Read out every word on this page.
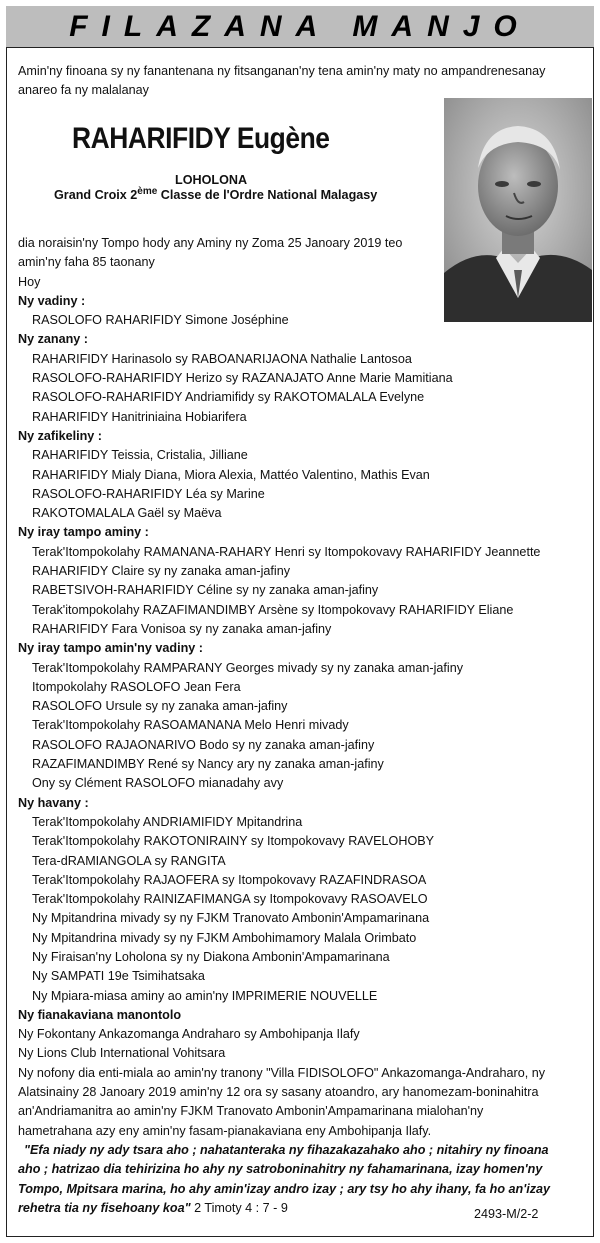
FILAZANA MANJO
Amin'ny finoana sy ny fanantenana ny fitsanganan'ny tena amin'ny maty no ampandrenesanay
anareo fa ny malalanay
RAHARIFIDY Eugène
LOHOLONA
Grand Croix 2ème Classe de l'Ordre National Malagasy
dia noraisin'ny Tompo hody any Aminy ny Zoma 25 Janoary 2019 teo
amin'ny faha 85 taonany
Hoy
Ny vadiny :
RASOLOFO RAHARIFIDY Simone Joséphine
Ny zanany :
RAHARIFIDY Harinasolo sy RABOANARIJAONA Nathalie Lantosoa
RASOLOFO-RAHARIFIDY Herizo sy RAZANAJATO Anne Marie Mamitiana
RASOLOFO-RAHARIFIDY Andriamifidy sy RAKOTOMALALA Evelyne
RAHARIFIDY Hanitriniaina Hobiarifera
Ny zafikeliny :
RAHARIFIDY Teissia, Cristalia, Jilliane
RAHARIFIDY Mialy Diana, Miora Alexia, Mattéo Valentino, Mathis Evan
RASOLOFO-RAHARIFIDY Léa sy Marine
RAKOTOMALALA Gaël sy Maëva
Ny iray tampo aminy :
Terak'Itompokolahy RAMANANA-RAHARY Henri sy Itompokovavy RAHARIFIDY Jeannette
RAHARIFIDY Claire sy ny zanaka aman-jafiny
RABETSIVOH-RAHARIFIDY Céline sy ny zanaka aman-jafiny
Terak'itompokolahy RAZAFIMANDIMBY Arsène sy Itompokovavy RAHARIFIDY Eliane
RAHARIFIDY Fara Vonisoa sy ny zanaka aman-jafiny
Ny iray tampo amin'ny vadiny :
Terak'Itompokolahy RAMPARANY Georges mivady sy ny zanaka aman-jafiny
Itompokolahy RASOLOFO Jean Fera
RASOLOFO Ursule sy ny zanaka aman-jafiny
Terak'Itompokolahy RASOAMANANA Melo Henri mivady
RASOLOFO RAJAONARIVO Bodo sy ny zanaka aman-jafiny
RAZAFIMANDIMBY René sy Nancy ary ny zanaka aman-jafiny
Ony sy Clément RASOLOFO mianadahy avy
Ny havany :
Terak'Itompokolahy ANDRIAMIFIDY Mpitandrina
Terak'Itompokolahy RAKOTONIRAINY sy Itompokovavy RAVELOHOBY
Tera-dRAMIANGOLA sy RANGITA
Terak'Itompokolahy RAJAOFERA sy Itompokovavy RAZAFINDRASOA
Terak'Itompokolahy RAINIZAFIMANGA sy Itompokovavy RASOAVELO
Ny Mpitandrina mivady sy ny FJKM Tranovato Ambonin'Ampamarinana
Ny Mpitandrina mivady sy ny FJKM Ambohimamory Malala Orimbato
Ny Firaisan'ny Loholona sy ny Diakona Ambonin'Ampamarinana
Ny SAMPATI 19e Tsimihatsaka
Ny Mpiara-miasa aminy ao amin'ny IMPRIMERIE NOUVELLE
Ny fianakaviana manontolo
Ny Fokontany Ankazomanga Andraharo sy Ambohipanja Ilafy
Ny Lions Club International Vohitsara
Ny nofony dia enti-miala ao amin'ny tranony "Villa FIDISOLOFO" Ankazomanga-Andraharo, ny
Alatsinainy 28 Janoary 2019 amin'ny 12 ora sy sasany atoandro, ary hanomezam-boninahitra
an'Andriamanitra ao amin'ny FJKM Tranovato Ambonin'Ampamarinana mialohan'ny
hametrahana azy eny amin'ny fasam-pianakaviana eny Ambohipanja Ilafy.
"Efa niady ny ady tsara aho ; nahatanteraka ny fihazakazahako aho ; nitahiry ny finoana
aho ; hatrizao dia tehirizina ho ahy ny satroboninahitry ny fahamarinana, izay homen'ny
Tompo, Mpitsara marina, ho ahy amin'izay andro izay ; ary tsy ho ahy ihany, fa ho an'izay
rehetra tia ny fisehoany koa" 2 Timoty 4 : 7 - 9	2493-M/2-2
